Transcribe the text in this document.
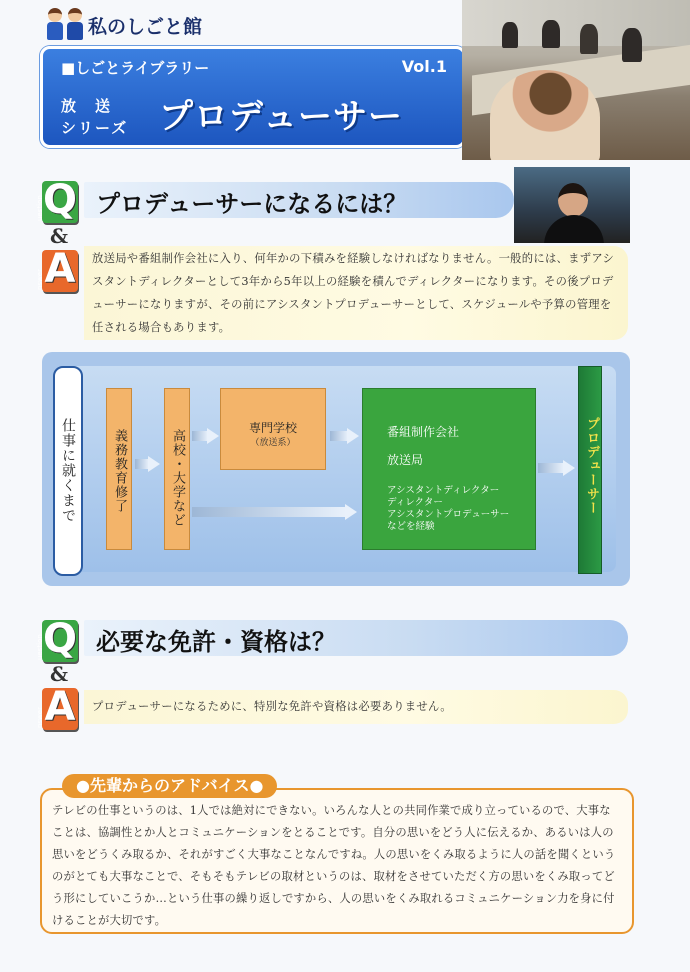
私のしごと館
■しごとライブラリー	Vol.1
放　送
シリーズ プロデューサー
Q
uestion プロデューサーになるには？
&
A
nswer

放送局や番組制作会社に入り、何年かの下積みを経験しなければなりません。一般的には、まずアシスタントディレクターとして3年から5年以上の経験を積んでディレクターになります。その後プロデューサーになりますが、その前にアシスタントプロデューサーとして、スケジュールや予算の管理を任される場合もあります。

仕事に就くまで	義務教育修了	高校・大学など
専門学校
（放送系）
番組制作会社
放送局
アシスタントディレクター
ディレクター
アシスタントプロデューサー
などを経験
プロデューサー
Q
uestion 必要な免許・資格は？
&
A
nswer

プロデューサーになるために、特別な免許や資格は必要ありません。

テレビの仕事というのは、1人では絶対にできない。いろんな人との共同作業で成り立っているので、大事なことは、協調性とか人とコミュニケーションをとることです。自分の思いをどう人に伝えるか、あるいは人の思いをどうくみ取るか、それがすごく大事なことなんですね。人の思いをくみ取るように人の話を聞くというのがとても大事なことで、そもそもテレビの取材というのは、取材をさせていただく方の思いをくみ取ってどう形にしていこうか…という仕事の繰り返しですから、人の思いをくみ取れるコミュニケーション力を身に付けることが大切です。

●先輩からのアドバイス●
